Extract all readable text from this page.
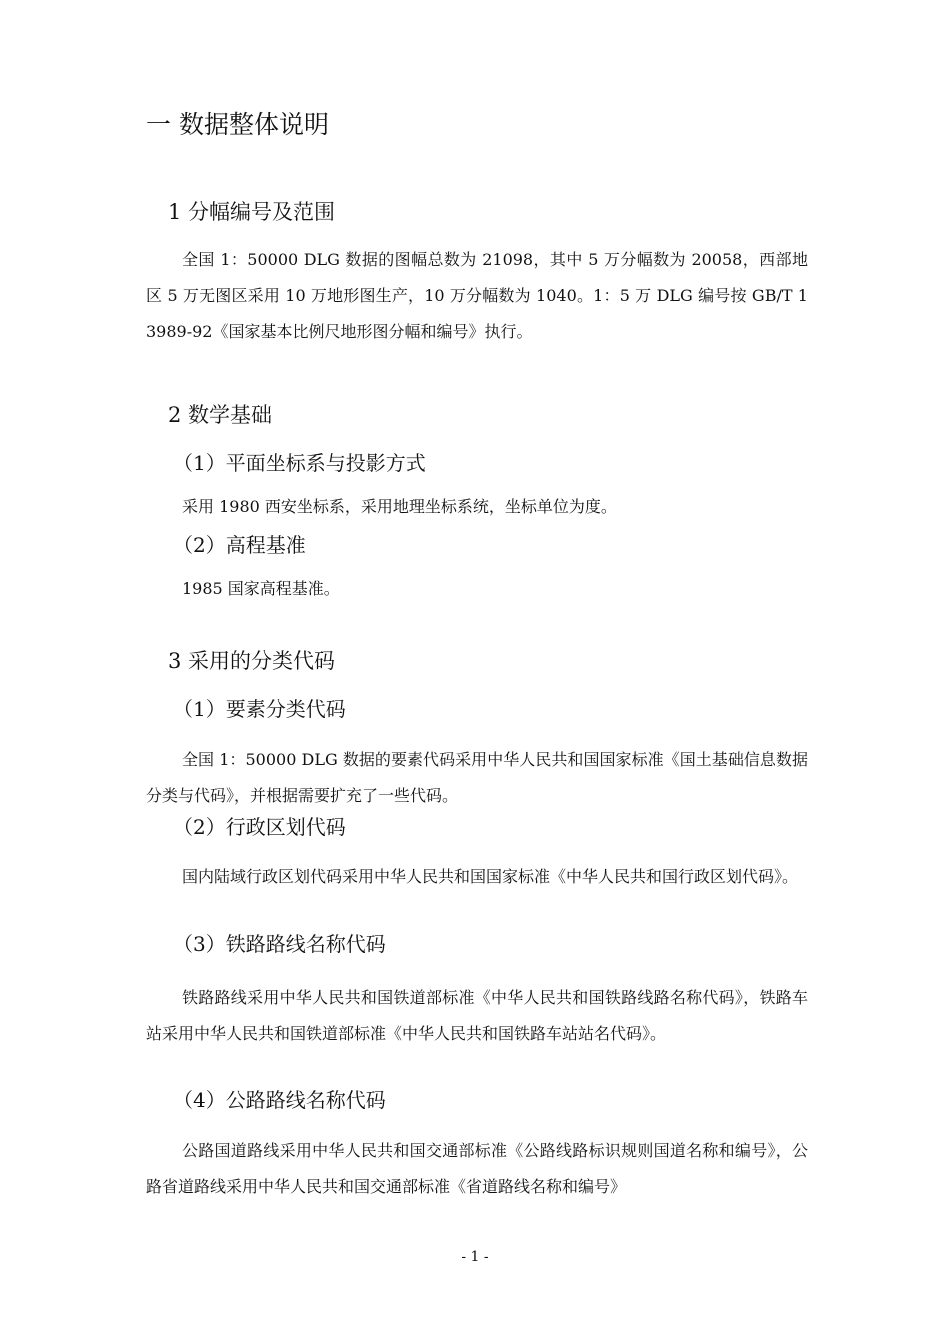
一 数据整体说明
1 分幅编号及范围

全国 1：50000 DLG 数据的图幅总数为 21098，其中 5 万分幅数为 20058，西部地区 5 万无图区采用 10 万地形图生产，10 万分幅数为 1040。1：5 万 DLG 编号按 GB/T 13989-92《国家基本比例尺地形图分幅和编号》执行。

2 数学基础
（1）平面坐标系与投影方式

采用 1980 西安坐标系，采用地理坐标系统，坐标单位为度。

（2）高程基准

1985 国家高程基准。

3 采用的分类代码
（1）要素分类代码

全国 1：50000 DLG 数据的要素代码采用中华人民共和国国家标准《国土基础信息数据分类与代码》，并根据需要扩充了一些代码。

（2）行政区划代码

国内陆域行政区划代码采用中华人民共和国国家标准《中华人民共和国行政区划代码》。

（3）铁路路线名称代码

铁路路线采用中华人民共和国铁道部标准《中华人民共和国铁路线路名称代码》，铁路车站采用中华人民共和国铁道部标准《中华人民共和国铁路车站站名代码》。

（4）公路路线名称代码

公路国道路线采用中华人民共和国交通部标准《公路线路标识规则国道名称和编号》，公路省道路线采用中华人民共和国交通部标准《省道路线名称和编号》

- 1 -
